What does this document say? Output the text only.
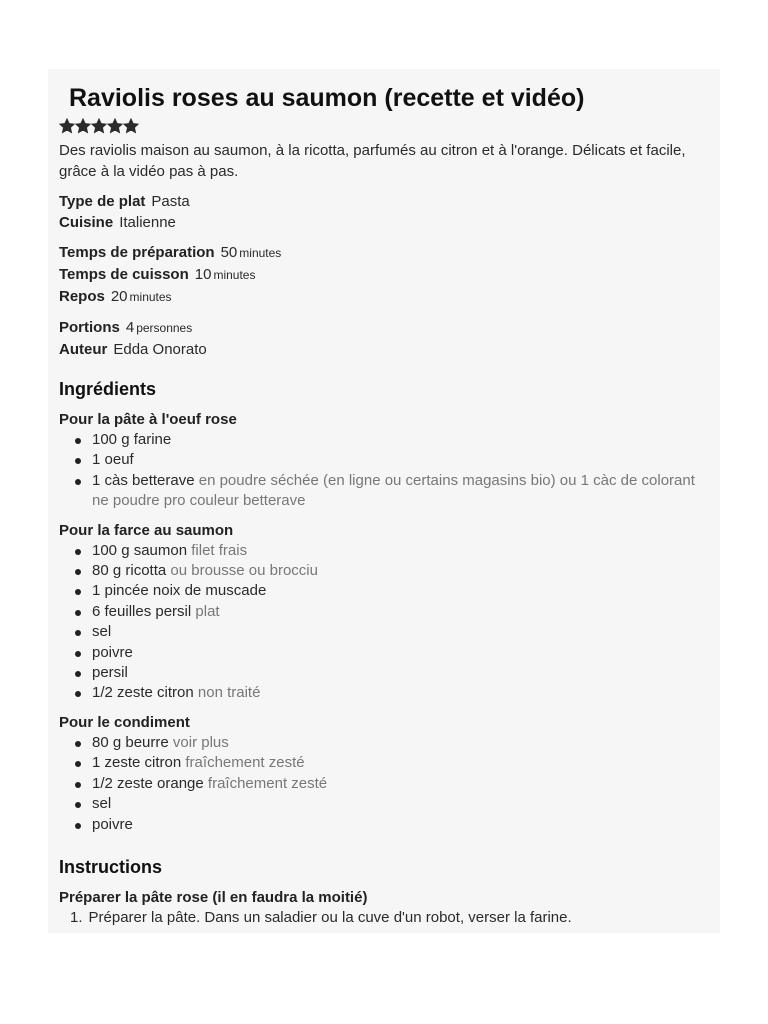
Raviolis roses au saumon (recette et vidéo)
Des raviolis maison au saumon, à la ricotta, parfumés au citron et à l'orange. Délicats et facile, grâce à la vidéo pas à pas.
Type de plat Pasta
Cuisine Italienne
Temps de préparation 50 minutes
Temps de cuisson 10 minutes
Repos 20 minutes
Portions 4 personnes
Auteur Edda Onorato
Ingrédients
Pour la pâte à l'oeuf rose
100 g farine
1 oeuf
1 càs betterave en poudre séchée (en ligne ou certains magasins bio) ou 1 càc de colorant ne poudre pro couleur betterave
Pour la farce au saumon
100 g saumon filet frais
80 g ricotta ou brousse ou brocciu
1 pincée noix de muscade
6 feuilles persil plat
sel
poivre
persil
1/2 zeste citron non traité
Pour le condiment
80 g beurre voir plus
1 zeste citron fraîchement zesté
1/2 zeste orange fraîchement zesté
sel
poivre
Instructions
Préparer la pâte rose (il en faudra la moitié)
1. Préparer la pâte. Dans un saladier ou la cuve d'un robot, verser la farine.
